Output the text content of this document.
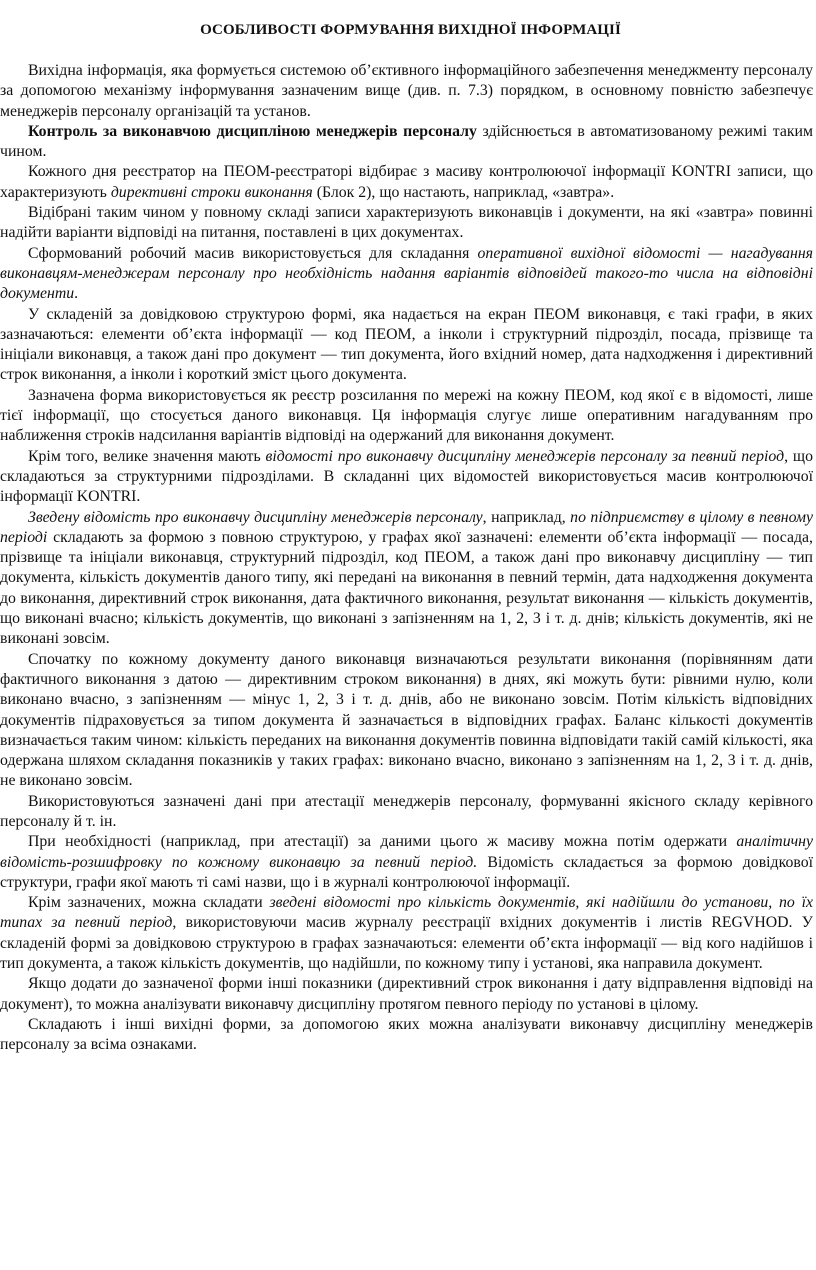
ОСОБЛИВОСТІ ФОРМУВАННЯ ВИХІДНОЇ ІНФОРМАЦІЇ

Вихідна інформація, яка формується системою об’єктивного інформаційного забезпечення менеджменту персоналу за допомогою механізму інформування зазначеним вище (див. п. 7.3) порядком, в основному повністю забезпечує менеджерів персоналу організацій та установ.

Контроль за виконавчою дисципліною менеджерів персоналу здійснюється в автоматизованому режимі таким чином.

Кожного дня реєстратор на ПЕОМ-реєстраторі відбирає з масиву контролюючої інформації KONTRI записи, що характеризують директивні строки виконання (Блок 2), що настають, наприклад, «завтра».

Відібрані таким чином у повному складі записи характеризують виконавців і документи, на які «завтра» повинні надійти варіанти відповіді на питання, поставлені в цих документах.

Сформований робочий масив використовується для складання оперативної вихідної відомості — нагадування виконавцям-менеджерам персоналу про необхідність надання варіантів відповідей такого-то числа на відповідні документи.

У складеній за довідковою структурою формі, яка надається на екран ПЕОМ виконавця, є такі графи, в яких зазначаються: елементи об’єкта інформації — код ПЕОМ, а інколи і структурний підрозділ, посада, прізвище та ініціали виконавця, а також дані про документ — тип документа, його вхідний номер, дата надходження і директивний строк виконання, а інколи і короткий зміст цього документа.

Зазначена форма використовується як реєстр розсилання по мережі на кожну ПЕОМ, код якої є в відомості, лише тієї інформації, що стосується даного виконавця. Ця інформація слугує лише оперативним нагадуванням про наближення строків надсилання варіантів відповіді на одержаний для виконання документ.

Крім того, велике значення мають відомості про виконавчу дисципліну менеджерів персоналу за певний період, що складаються за структурними підрозділами. В складанні цих відомостей використовується масив контролюючої інформації KONTRI.

Зведену відомість про виконавчу дисципліну менеджерів персоналу, наприклад, по підприємству в цілому в певному періоді складають за формою з повною структурою, у графах якої зазначені: елементи об’єкта інформації — посада, прізвище та ініціали виконавця, структурний підрозділ, код ПЕОМ, а також дані про виконавчу дисципліну — тип документа, кількість документів даного типу, які передані на виконання в певний термін, дата надходження документа до виконання, директивний строк виконання, дата фактичного виконання, результат виконання — кількість документів, що виконані вчасно; кількість документів, що виконані з запізненням на 1, 2, 3 і т. д. днів; кількість документів, які не виконані зовсім.

Спочатку по кожному документу даного виконавця визначаються результати виконання (порівнянням дати фактичного виконання з датою — директивним строком виконання) в днях, які можуть бути: рівними нулю, коли виконано вчасно, з запізненням — мінус 1, 2, 3 і т. д. днів, або не виконано зовсім. Потім кількість відповідних документів підраховується за типом документа й зазначається в відповідних графах. Баланс кількості документів визначається таким чином: кількість переданих на виконання документів повинна відповідати такій самій кількості, яка одержана шляхом складання показників у таких графах: виконано вчасно, виконано з запізненням на 1, 2, 3 і т. д. днів, не виконано зовсім.

Використовуються зазначені дані при атестації менеджерів персоналу, формуванні якісного складу керівного персоналу й т. ін.

При необхідності (наприклад, при атестації) за даними цього ж масиву можна потім одержати аналітичну відомість-розшифровку по кожному виконавцю за певний період. Відомість складається за формою довідкової структури, графи якої мають ті самі назви, що і в журналі контролюючої інформації.

Крім зазначених, можна складати зведені відомості про кількість документів, які надійшли до установи, по їх типах за певний період, використовуючи масив журналу реєстрації вхідних документів і листів REGVHOD. У складеній формі за довідковою структурою в графах зазначаються: елементи об’єкта інформації — від кого надійшов і тип документа, а також кількість документів, що надійшли, по кожному типу і установі, яка направила документ.

Якщо додати до зазначеної форми інші показники (директивний строк виконання і дату відправлення відповіді на документ), то можна аналізувати виконавчу дисципліну протягом певного періоду по установі в цілому.

Складають і інші вихідні форми, за допомогою яких можна аналізувати виконавчу дисципліну менеджерів персоналу за всіма ознаками.
